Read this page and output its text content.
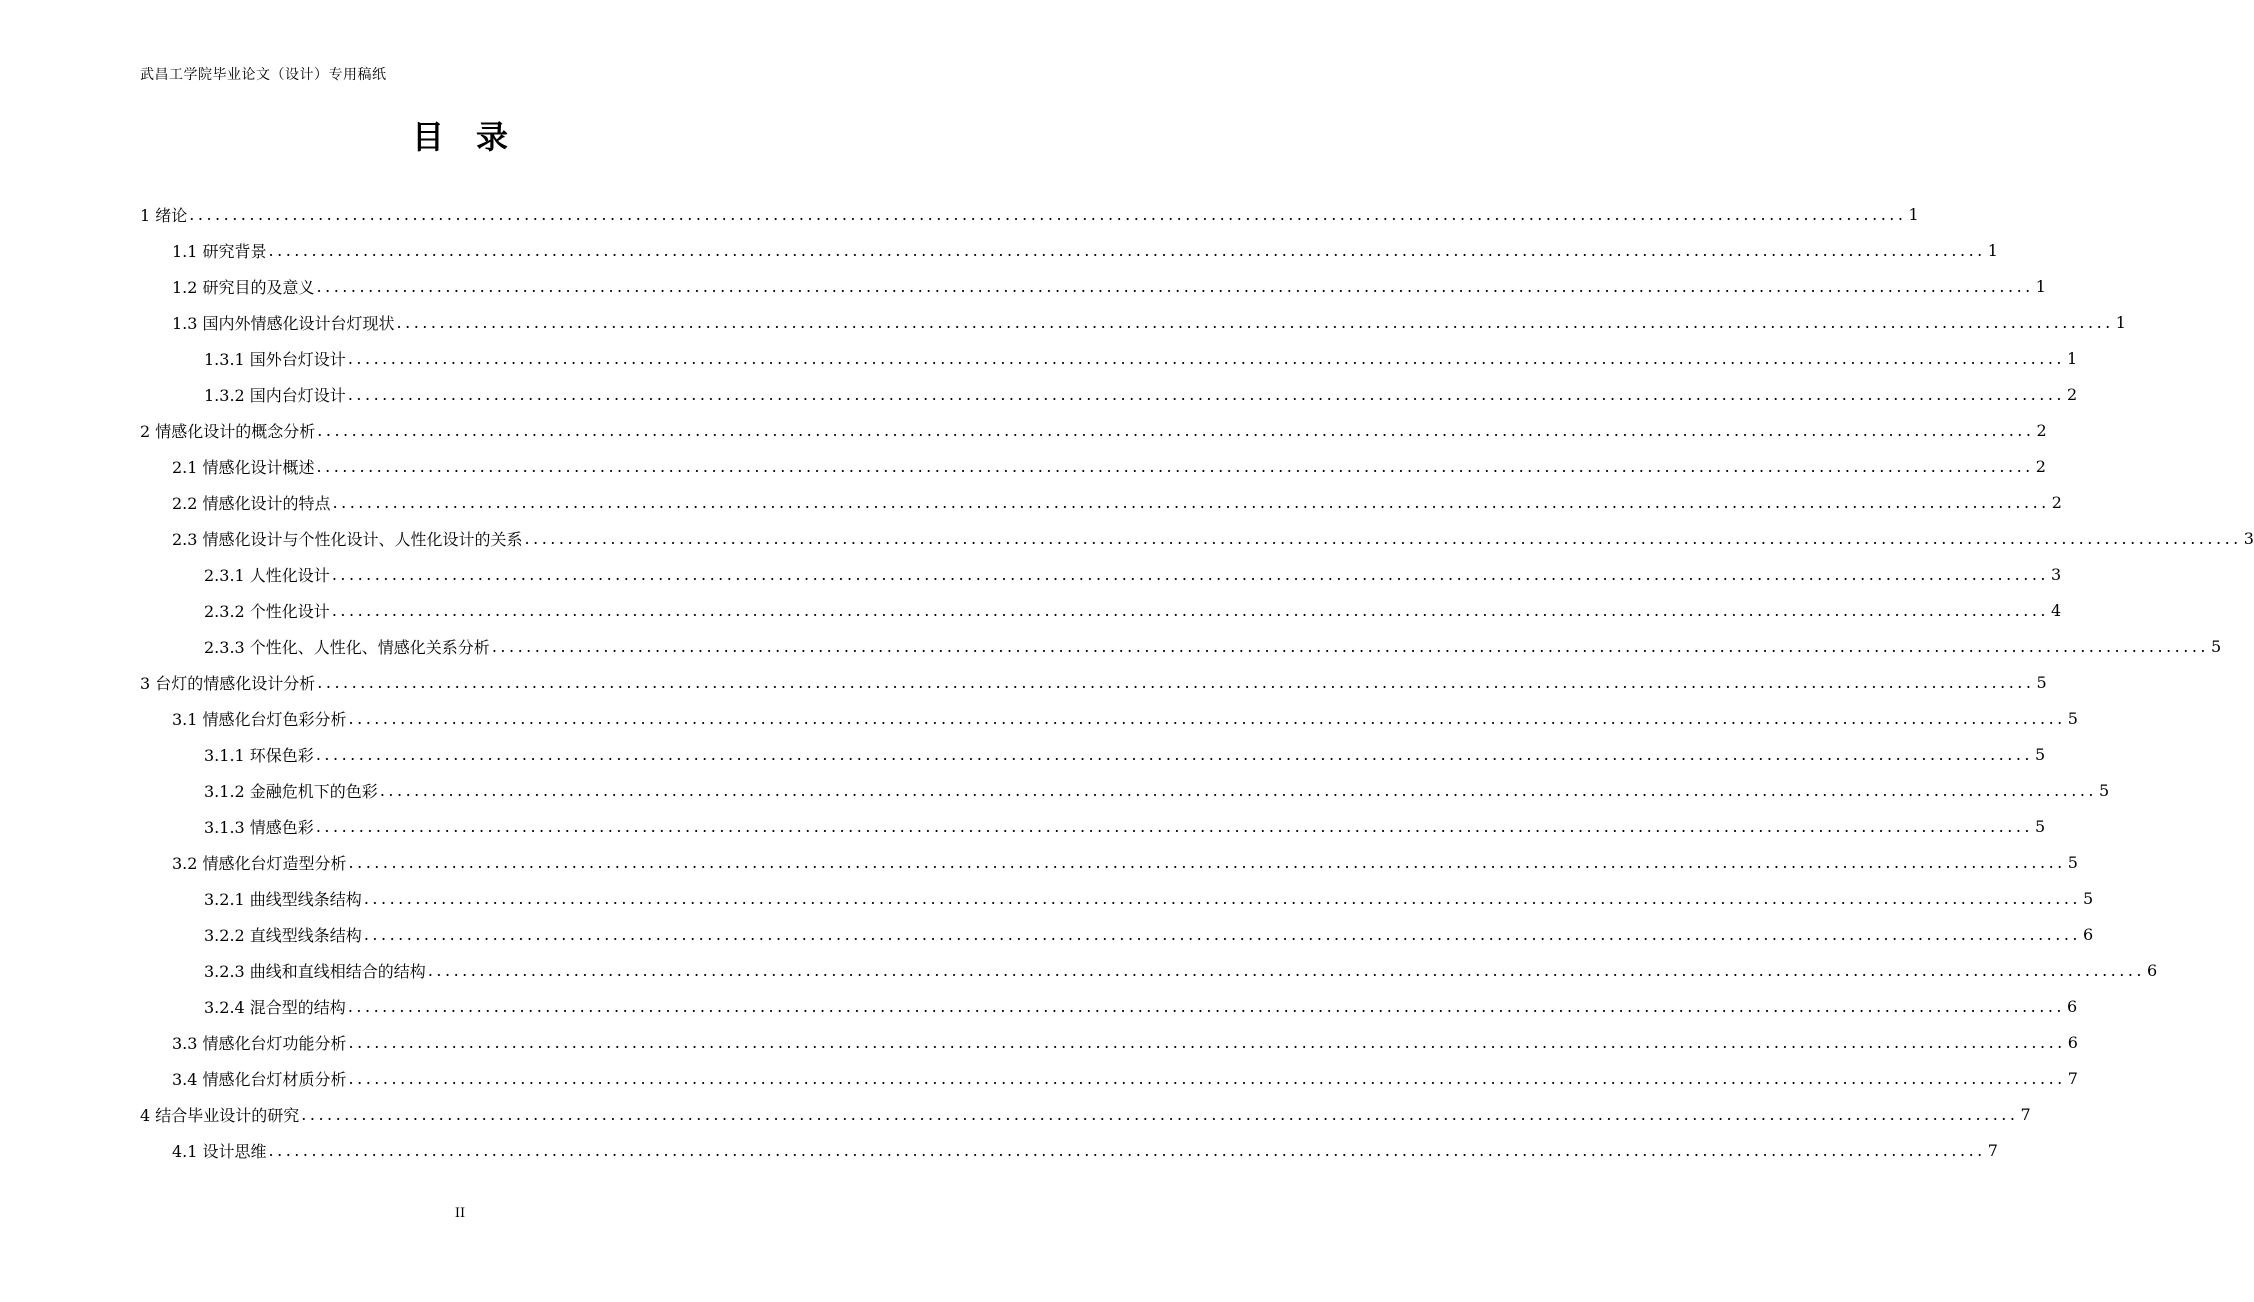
武昌工学院毕业论文（设计）专用稿纸
目　录
1 绪论 ........................................................................................................................................................................................................ 1
1.1 研究背景 ........................................................................................................................................................................................................ 1
1.2 研究目的及意义 ........................................................................................................................................................................................................ 1
1.3 国内外情感化设计台灯现状 ........................................................................................................................................................................................................ 1
1.3.1 国外台灯设计 ........................................................................................................................................................................................................ 1
1.3.2 国内台灯设计 ........................................................................................................................................................................................................ 2
2 情感化设计的概念分析 ........................................................................................................................................................................................................ 2
2.1 情感化设计概述 ........................................................................................................................................................................................................ 2
2.2 情感化设计的特点 ........................................................................................................................................................................................................ 2
2.3 情感化设计与个性化设计、人性化设计的关系 ........................................................................................................................................................................................................ 3
2.3.1 人性化设计 ........................................................................................................................................................................................................ 3
2.3.2 个性化设计 ........................................................................................................................................................................................................ 4
2.3.3 个性化、人性化、情感化关系分析 ........................................................................................................................................................................................................ 5
3 台灯的情感化设计分析 ........................................................................................................................................................................................................ 5
3.1 情感化台灯色彩分析 ........................................................................................................................................................................................................ 5
3.1.1 环保色彩 ........................................................................................................................................................................................................ 5
3.1.2 金融危机下的色彩 ........................................................................................................................................................................................................ 5
3.1.3 情感色彩 ........................................................................................................................................................................................................ 5
3.2 情感化台灯造型分析 ........................................................................................................................................................................................................ 5
3.2.1 曲线型线条结构 ........................................................................................................................................................................................................ 5
3.2.2 直线型线条结构 ........................................................................................................................................................................................................ 6
3.2.3 曲线和直线相结合的结构 ........................................................................................................................................................................................................ 6
3.2.4 混合型的结构 ........................................................................................................................................................................................................ 6
3.3 情感化台灯功能分析 ........................................................................................................................................................................................................ 6
3.4 情感化台灯材质分析 ........................................................................................................................................................................................................ 7
4 结合毕业设计的研究 ........................................................................................................................................................................................................ 7
4.1 设计思维 ........................................................................................................................................................................................................ 7
II
